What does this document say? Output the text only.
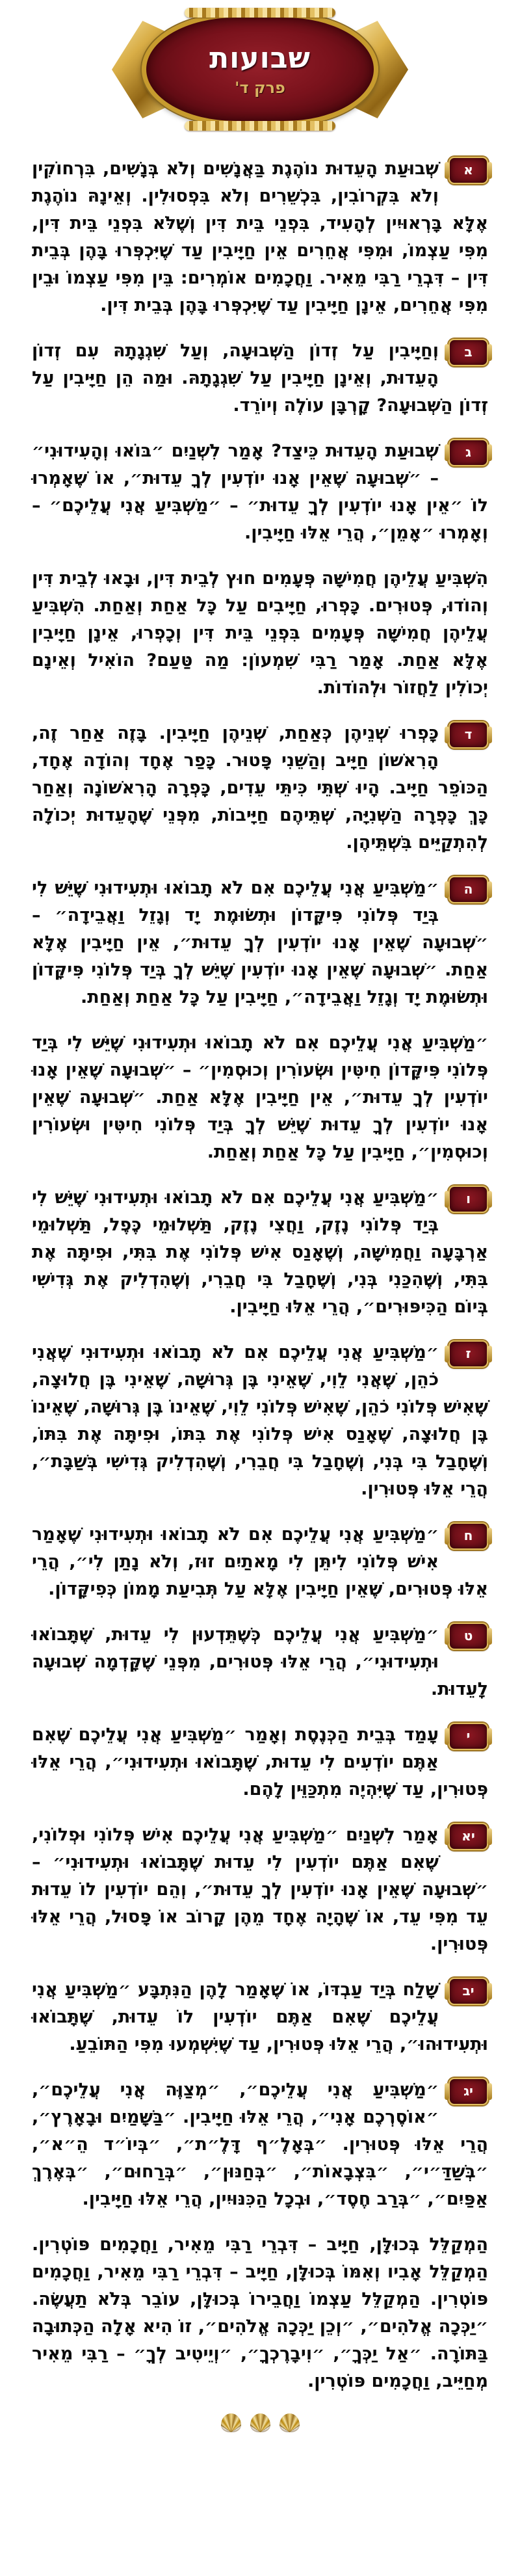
שבועות
פרק ד'

א
שְׁבוּעַת הָעֵדוּת נוֹהֶגֶת בַּאֲנָשִׁים וְלֹא בְּנָשִׁים, בִּרְחוֹקִין וְלֹא בִּקְרוֹבִין, בִּכְשֵׁרִים וְלֹא בִּפְסוּלִין. וְאֵינָהּ נוֹהֶגֶת אֶלָּא בָּרְאוּיִין לְהָעִיד, בִּפְנֵי בֵּית דִּין וְשֶׁלֹּא בִּפְנֵי בֵּית דִּין, מִפִּי עַצְמוֹ, וּמִפִּי אֲחֵרִים אֵין חַיָּיבִין עַד שֶׁיִּכְפְּרוּ בָּהֶן בְּבֵית דִּין – דִּבְרֵי רַבִּי מֵאִיר. וַחֲכָמִים אוֹמְרִים: בֵּין מִפִּי עַצְמוֹ וּבֵין מִפִּי אֲחֵרִים, אֵינָן חַיָּיבִין עַד שֶׁיִּכְפְּרוּ בָּהֶן בְּבֵית דִּין.

ב
וְחַיָּיבִין עַל זְדוֹן הַשְּׁבוּעָה, וְעַל שִׁגְגָתָהּ עִם זְדוֹן הָעֵדוּת, וְאֵינָן חַיָּיבִין עַל שִׁגְגָתָהּ. וּמַה הֵן חַיָּיבִין עַל זְדוֹן הַשְּׁבוּעָה? קָרְבָּן עוֹלֶה וְיוֹרֵד.

ג
שְׁבוּעַת הָעֵדוּת כֵּיצַד? אָמַר לִשְׁנַיִם ״בּוֹאוּ וְהָעִידוּנִי״ – ״שְׁבוּעָה שֶׁאֵין אָנוּ יוֹדְעִין לְךָ עֵדוּת״, אוֹ שֶׁאָמְרוּ לוֹ ״אֵין אָנוּ יוֹדְעִין לְךָ עֵדוּת״ – ״מַשְׁבִּיעַ אֲנִי עֲלֵיכֶם״ – וְאָמְרוּ ״אָמֵן״, הֲרֵי אֵלּוּ חַיָּיבִין.

הִשְׁבִּיעַ עֲלֵיהֶן חֲמִישָּׁה פְּעָמִים חוּץ לְבֵית דִּין, וּבָאוּ לְבֵית דִּין וְהוֹדוּ, פְּטוּרִים. כָּפְרוּ, חַיָּיבִים עַל כָּל אַחַת וְאַחַת. הִשְׁבִּיעַ עֲלֵיהֶן חֲמִישָּׁה פְּעָמִים בִּפְנֵי בֵּית דִּין וְכָפְרוּ, אֵינָן חַיָּיבִין אֶלָּא אַחַת. אָמַר רַבִּי שִׁמְעוֹן: מַה טַּעַם? הוֹאִיל וְאֵינָם יְכוֹלִין לַחֲזוֹר וּלְהוֹדוֹת.

ד
כָּפְרוּ שְׁנֵיהֶן כְּאַחַת, שְׁנֵיהֶן חַיָּיבִין. בָּזֶה אַחַר זֶה, הָרִאשׁוֹן חַיָּיב וְהַשֵּׁנִי פָּטוּר. כָּפַר אֶחָד וְהוֹדָה אֶחָד, הַכּוֹפֵר חַיָּיב. הָיוּ שְׁתֵּי כִּיתֵּי עֵדִים, כָּפְרָה הָרִאשׁוֹנָה וְאַחַר כָּךְ כָּפְרָה הַשְּׁנִיָּה, שְׁתֵּיהֶם חַיָּיבוֹת, מִפְּנֵי שֶׁהָעֵדוּת יְכוֹלָה לְהִתְקַיֵּים בִּשְׁתֵּיהֶן.

ה
״מַשְׁבִּיעַ אֲנִי עֲלֵיכֶם אִם לֹא תָבוֹאוּ וּתְעִידוּנִי שֶׁיֵּשׁ לִי בְּיַד פְּלוֹנִי פִּיקָּדוֹן וּתְשׂוּמֶת יָד וְגָזֵל וַאֲבֵידָה״ – ״שְׁבוּעָה שֶׁאֵין אָנוּ יוֹדְעִין לְךָ עֵדוּת״, אֵין חַיָּיבִין אֶלָּא אַחַת. ״שְׁבוּעָה שֶׁאֵין אָנוּ יוֹדְעִין שֶׁיֵּשׁ לְךָ בְּיַד פְּלוֹנִי פִּיקָּדוֹן וּתְשׂוּמֶת יָד וְגָזֵל וַאֲבֵידָה״, חַיָּיבִין עַל כָּל אַחַת וְאַחַת.

״מַשְׁבִּיעַ אֲנִי עֲלֵיכֶם אִם לֹא תָבוֹאוּ וּתְעִידוּנִי שֶׁיֵּשׁ לִי בְּיַד פְּלוֹנִי פִּיקָּדוֹן חִיטִּין וּשְׂעוֹרִין וְכוּסְמִין״ – ״שְׁבוּעָה שֶׁאֵין אָנוּ יוֹדְעִין לְךָ עֵדוּת״, אֵין חַיָּיבִין אֶלָּא אַחַת. ״שְׁבוּעָה שֶׁאֵין אָנוּ יוֹדְעִין לְךָ עֵדוּת שֶׁיֵּשׁ לְךָ בְּיַד פְּלוֹנִי חִיטִּין וּשְׂעוֹרִין וְכוּסְמִין״, חַיָּיבִין עַל כָּל אַחַת וְאַחַת.

ו
״מַשְׁבִּיעַ אֲנִי עֲלֵיכֶם אִם לֹא תָבוֹאוּ וּתְעִידוּנִי שֶׁיֵּשׁ לִי בְּיַד פְּלוֹנִי נֶזֶק, וַחֲצִי נֶזֶק, תַּשְׁלוּמֵי כֶּפֶל, תַּשְׁלוּמֵי אַרְבָּעָה וַחֲמִישָּׁה, וְשֶׁאָנַס אִישׁ פְּלוֹנִי אֶת בִּתִּי, וּפִיתָּה אֶת בִּתִּי, וְשֶׁהִכַּנִי בְּנִי, וְשֶׁחָבַל בִּי חֲבֵרִי, וְשֶׁהִדְלִיק אֶת גְּדִישִׁי בְּיוֹם הַכִּיפּוּרִים״, הֲרֵי אֵלּוּ חַיָּיבִין.

ז
״מַשְׁבִּיעַ אֲנִי עֲלֵיכֶם אִם לֹא תָבוֹאוּ וּתְעִידוּנִי שֶׁאֲנִי כֹהֵן, שֶׁאֲנִי לֵוִי, שֶׁאֵינִי בֶּן גְּרוּשָׁה, שֶׁאֵינִי בֶּן חֲלוּצָה, שֶׁאִישׁ פְּלוֹנִי כֹהֵן, שֶׁאִישׁ פְּלוֹנִי לֵוִי, שֶׁאֵינוֹ בֶּן גְּרוּשָׁה, שֶׁאֵינוֹ בֶּן חֲלוּצָה, שֶׁאָנַס אִישׁ פְּלוֹנִי אֶת בִּתּוֹ, וּפִיתָּה אֶת בִּתּוֹ, וְשֶׁחָבַל בִּי בְּנִי, וְשֶׁחָבַל בִּי חֲבֵרִי, וְשֶׁהִדְלִיק גְּדִישִׁי בְּשַׁבָּת״, הֲרֵי אֵלּוּ פְּטוּרִין.

ח
״מַשְׁבִּיעַ אֲנִי עֲלֵיכֶם אִם לֹא תָבוֹאוּ וּתְעִידוּנִי שֶׁאָמַר אִישׁ פְּלוֹנִי לִיתֵּן לִי מָאתַיִם זוּז, וְלֹא נָתַן לִי״, הֲרֵי אֵלּוּ פְּטוּרִים, שֶׁאֵין חַיָּיבִין אֶלָּא עַל תְּבִיעַת מָמוֹן כְּפִיקָּדוֹן.

ט
״מַשְׁבִּיעַ אֲנִי עֲלֵיכֶם כְּשֶׁתֵּדְעוּן לִי עֵדוּת, שֶׁתָּבוֹאוּ וּתְעִידוּנִי״, הֲרֵי אֵלּוּ פְּטוּרִים, מִפְּנֵי שֶׁקָּדְמָה שְׁבוּעָה לָעֵדוּת.

י
עָמַד בְּבֵית הַכְּנֶסֶת וְאָמַר ״מַשְׁבִּיעַ אֲנִי עֲלֵיכֶם שֶׁאִם אַתֶּם יוֹדְעִים לִי עֵדוּת, שֶׁתָּבוֹאוּ וּתְעִידוּנִי״, הֲרֵי אֵלּוּ פְּטוּרִין, עַד שֶׁיִּהְיֶה מִתְכַּוֵּין לָהֶם.

יא
אָמַר לִשְׁנַיִם ״מַשְׁבִּיעַ אֲנִי עֲלֵיכֶם אִישׁ פְּלוֹנִי וּפְלוֹנִי, שֶׁאִם אַתֶּם יוֹדְעִין לִי עֵדוּת שֶׁתָּבוֹאוּ וּתְעִידוּנִי״ – ״שְׁבוּעָה שֶׁאֵין אָנוּ יוֹדְעִין לְךָ עֵדוּת״, וְהֵם יוֹדְעִין לוֹ עֵדוּת עֵד מִפִּי עֵד, אוֹ שֶׁהָיָה אֶחָד מֵהֶן קָרוֹב אוֹ פָּסוּל, הֲרֵי אֵלּוּ פְּטוּרִין.

יב
שָׁלַח בְּיַד עַבְדּוֹ, אוֹ שֶׁאָמַר לָהֶן הַנִּתְבָּע ״מַשְׁבִּיעַ אֲנִי עֲלֵיכֶם שֶׁאִם אַתֶּם יוֹדְעִין לוֹ עֵדוּת, שֶׁתָּבוֹאוּ וּתְעִידוּהוּ״, הֲרֵי אֵלּוּ פְּטוּרִין, עַד שֶׁיִּשְׁמְעוּ מִפִּי הַתּוֹבֵעַ.

יג
״מַשְׁבִּיעַ אֲנִי עֲלֵיכֶם״, ״מְצַוֶּה אֲנִי עֲלֵיכֶם״, ״אוֹסֶרְכֶם אָנִי״, הֲרֵי אֵלּוּ חַיָּיבִין. ״בַּשָּׁמַיִם וּבָאָרֶץ״, הֲרֵי אֵלּוּ פְּטוּרִין. ״בְּאָלֶ״ף דָּלֶ״ת״, ״בְּיוֹ״ד הֵ״א״, ״בְּשַׁדַּ״י״, ״בִּצְבָאוֹת״, ״בְּחַנּוּן״, ״בְּרַחוּם״, ״בְּאֶרֶךְ אַפַּיִם״, ״בְּרַב חֶסֶד״, וּבְכָל הַכִּנּוּיִין, הֲרֵי אֵלּוּ חַיָּיבִין.

הַמְקַלֵּל בְּכוּלָּן, חַיָּיב – דִּבְרֵי רַבִּי מֵאִיר, וַחֲכָמִים פּוֹטְרִין. הַמְקַלֵּל אָבִיו וְאִמּוֹ בְּכוּלָּן, חַיָּיב – דִּבְרֵי רַבִּי מֵאִיר, וַחֲכָמִים פּוֹטְרִין. הַמְקַלֵּל עַצְמוֹ וַחֲבֵירוֹ בְּכוּלָּן, עוֹבֵר בְּלֹא תַעֲשֶׂה. ״יַכְּכָה אֱלֹהִים״, ״וְכֵן יַכְּכָה אֱלֹהִים״, זוֹ הִיא אָלָה הַכְּתוּבָה בַּתּוֹרָה. ״אַל יַכְּךָ״, ״וִיבָרֶכְךָ״, ״וְיֵיטִיב לְךָ״ – רַבִּי מֵאִיר מְחַיֵּיב, וַחֲכָמִים פּוֹטְרִין.
